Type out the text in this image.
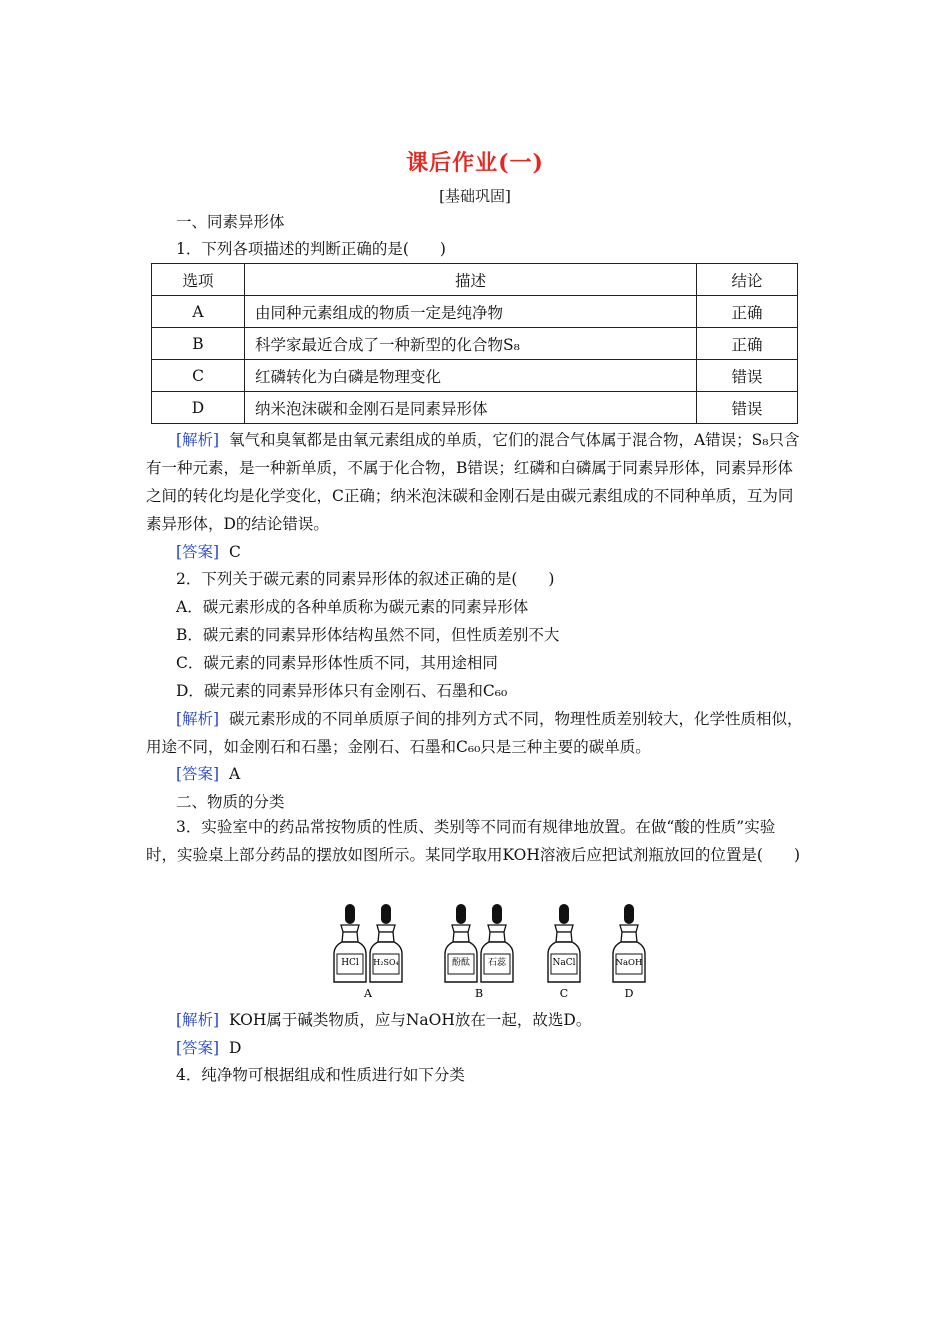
课后作业(一)
[基础巩固]
一、同素异形体
1．下列各项描述的判断正确的是(　　)
选项	描述	结论
A	由同种元素组成的物质一定是纯净物	正确
B	科学家最近合成了一种新型的化合物S₈	正确
C	红磷转化为白磷是物理变化	错误
D	纳米泡沫碳和金刚石是同素异形体	错误
[解析] 氧气和臭氧都是由氧元素组成的单质，它们的混合气体属于混合物，A错误；S₈只含有一种元素，是一种新单质，不属于化合物，B错误；红磷和白磷属于同素异形体，同素异形体之间的转化均是化学变化，C正确；纳米泡沫碳和金刚石是由碳元素组成的不同种单质，互为同素异形体，D的结论错误。
[答案] C
2．下列关于碳元素的同素异形体的叙述正确的是(　　)
A．碳元素形成的各种单质称为碳元素的同素异形体
B．碳元素的同素异形体结构虽然不同，但性质差别不大
C．碳元素的同素异形体性质不同，其用途相同
D．碳元素的同素异形体只有金刚石、石墨和C₆₀
[解析] 碳元素形成的不同单质原子间的排列方式不同，物理性质差别较大，化学性质相似，用途不同，如金刚石和石墨；金刚石、石墨和C₆₀只是三种主要的碳单质。
[答案] A
二、物质的分类
3．实验室中的药品常按物质的性质、类别等不同而有规律地放置。在做“酸的性质”实验时，实验桌上部分药品的摆放如图所示。某同学取用KOH溶液后应把试剂瓶放回的位置是(　　)
HCl H₂SO₄	酚酞 石蕊	NaCl	NaOH
A	B	C	D
[解析] KOH属于碱类物质，应与NaOH放在一起，故选D。
[答案] D
4．纯净物可根据组成和性质进行如下分类
